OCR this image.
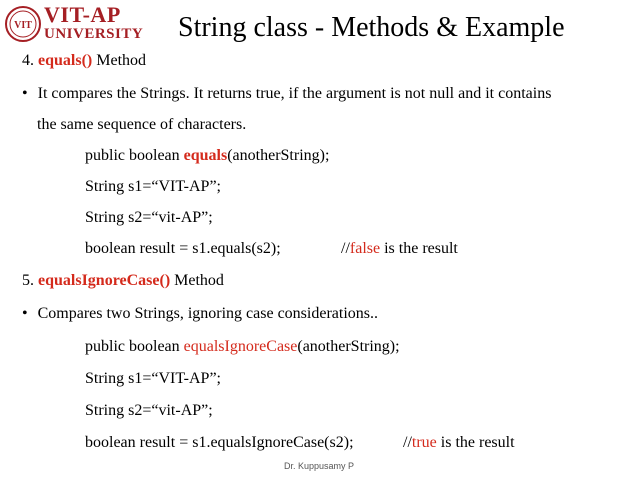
VIT VIT-AP
UNIVERSITY String class - Methods & Example
4. equals() Method
• It compares the Strings. It returns true, if the argument is not null and it contains
the same sequence of characters.
public boolean equals(anotherString);
String s1=“VIT-AP”;
String s2=“vit-AP”;
boolean result = s1.equals(s2);	//false is the result
5. equalsIgnoreCase() Method
• Compares two Strings, ignoring case considerations..
public boolean equalsIgnoreCase(anotherString);
String s1=“VIT-AP”;
String s2=“vit-AP”;
boolean result = s1.equalsIgnoreCase(s2);	//true is the result
Dr. Kuppusamy P
